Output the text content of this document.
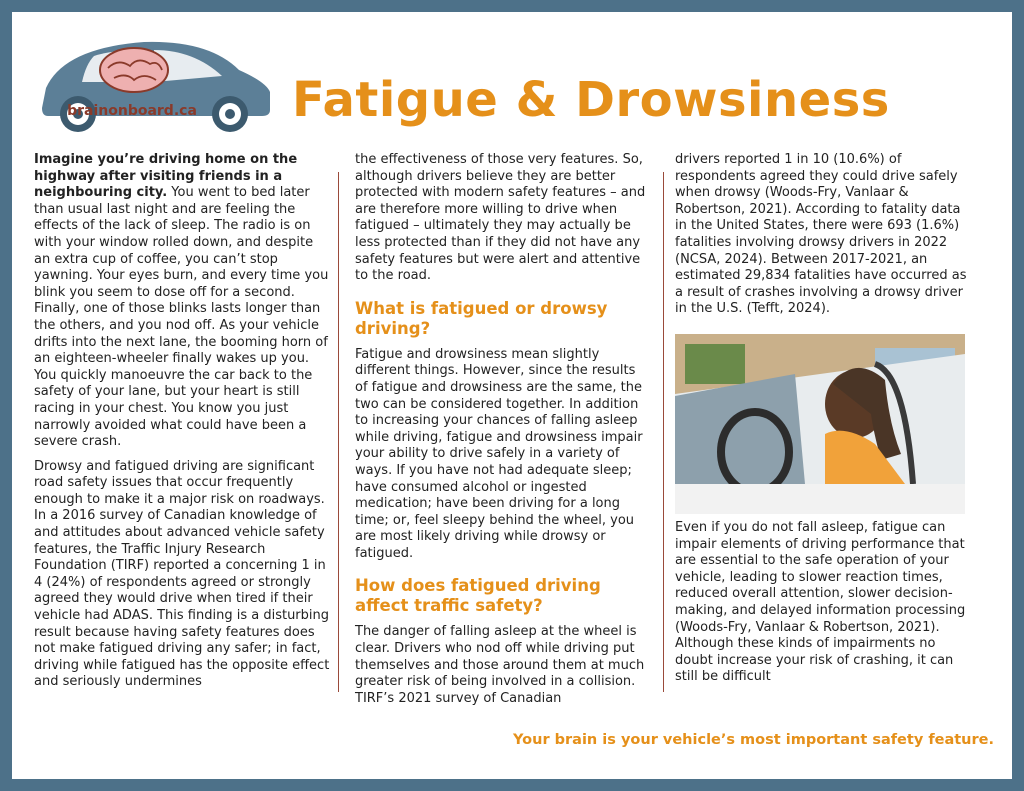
brainonboard.ca	Fatigue & Drowsiness

Imagine you’re driving home on the highway after visiting friends in a neighbouring city. You went to bed later than usual last night and are feeling the effects of the lack of sleep. The radio is on with your window rolled down, and despite an extra cup of coffee, you can’t stop yawning. Your eyes burn, and every time you blink you seem to dose off for a second. Finally, one of those blinks lasts longer than the others, and you nod off. As your vehicle drifts into the next lane, the booming horn of an eighteen-wheeler finally wakes up you. You quickly manoeuvre the car back to the safety of your lane, but your heart is still racing in your chest. You know you just narrowly avoided what could have been a severe crash.

Drowsy and fatigued driving are significant road safety issues that occur frequently enough to make it a major risk on roadways. In a 2016 survey of Canadian knowledge of and attitudes about advanced vehicle safety features, the Traffic Injury Research Foundation (TIRF) reported a concerning 1 in 4 (24%) of respondents agreed or strongly agreed they would drive when tired if their vehicle had ADAS. This finding is a disturbing result because having safety features does not make fatigued driving any safer; in fact, driving while fatigued has the opposite effect and seriously undermines

the effectiveness of those very features. So, although drivers believe they are better protected with modern safety features – and are therefore more willing to drive when fatigued – ultimately they may actually be less protected than if they did not have any safety features but were alert and attentive to the road.

What is fatigued or drowsy driving?

Fatigue and drowsiness mean slightly different things. However, since the results of fatigue and drowsiness are the same, the two can be considered together. In addition to increasing your chances of falling asleep while driving, fatigue and drowsiness impair your ability to drive safely in a variety of ways. If you have not had adequate sleep; have consumed alcohol or ingested medication; have been driving for a long time; or, feel sleepy behind the wheel, you are most likely driving while drowsy or fatigued.

How does fatigued driving affect traffic safety?

The danger of falling asleep at the wheel is clear. Drivers who nod off while driving put themselves and those around them at much greater risk of being involved in a collision. TIRF’s 2021 survey of Canadian

drivers reported 1 in 10 (10.6%) of respondents agreed they could drive safely when drowsy (Woods-Fry, Vanlaar & Robertson, 2021). According to fatality data in the United States, there were 693 (1.6%) fatalities involving drowsy drivers in 2022 (NCSA, 2024). Between 2017-2021, an estimated 29,834 fatalities have occurred as a result of crashes involving a drowsy driver in the U.S. (Tefft, 2024).

Even if you do not fall asleep, fatigue can impair elements of driving performance that are essential to the safe operation of your vehicle, leading to slower reaction times, reduced overall attention, slower decision-making, and delayed information processing (Woods-Fry, Vanlaar & Robertson, 2021). Although these kinds of impairments no doubt increase your risk of crashing, it can still be difficult

Your brain is your vehicle’s most important safety feature.
